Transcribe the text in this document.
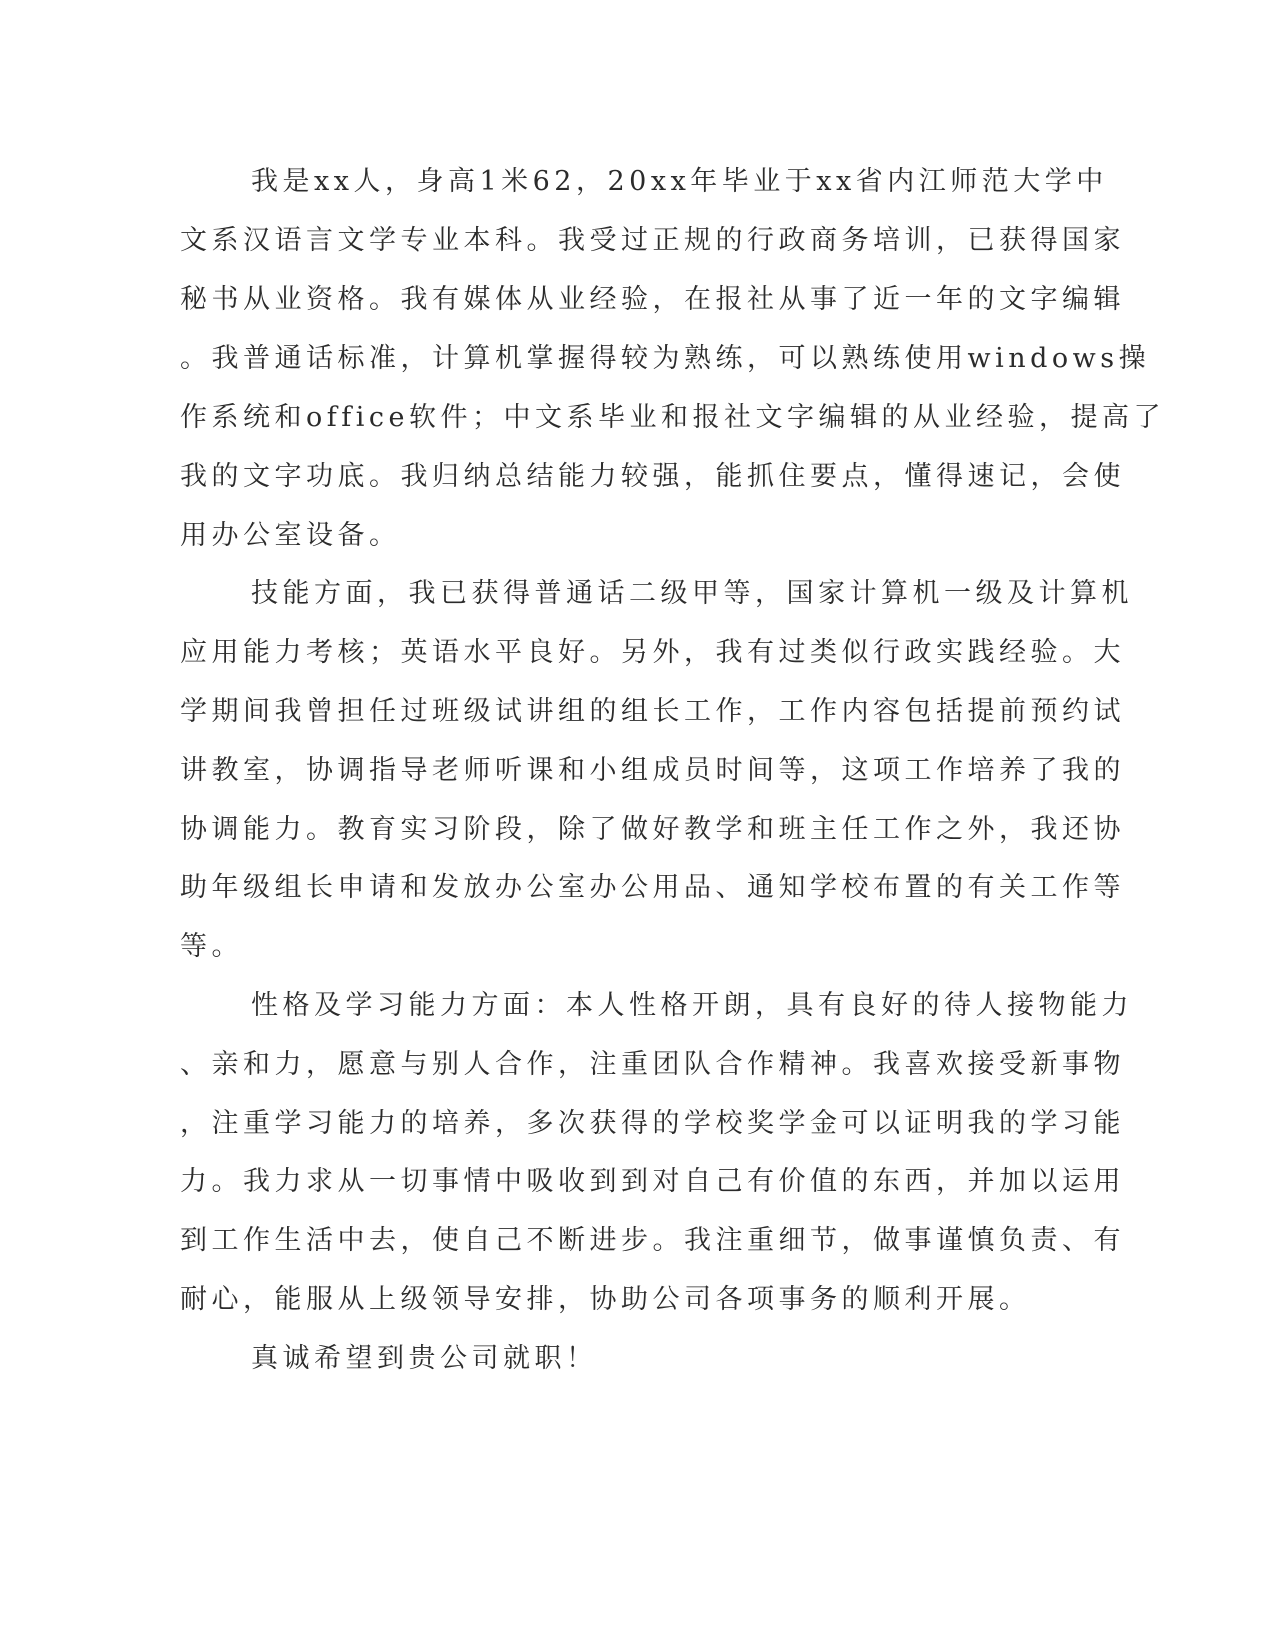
我是xx人，身高1米62，20xx年毕业于xx省内江师范大学中

文系汉语言文学专业本科。我受过正规的行政商务培训，已获得国家

秘书从业资格。我有媒体从业经验，在报社从事了近一年的文字编辑

。我普通话标准，计算机掌握得较为熟练，可以熟练使用windows操

作系统和office软件；中文系毕业和报社文字编辑的从业经验，提高了

我的文字功底。我归纳总结能力较强，能抓住要点，懂得速记，会使

用办公室设备。

技能方面，我已获得普通话二级甲等，国家计算机一级及计算机

应用能力考核；英语水平良好。另外，我有过类似行政实践经验。大

学期间我曾担任过班级试讲组的组长工作，工作内容包括提前预约试

讲教室，协调指导老师听课和小组成员时间等，这项工作培养了我的

协调能力。教育实习阶段，除了做好教学和班主任工作之外，我还协

助年级组长申请和发放办公室办公用品、通知学校布置的有关工作等

等。

性格及学习能力方面：本人性格开朗，具有良好的待人接物能力

、亲和力，愿意与别人合作，注重团队合作精神。我喜欢接受新事物

，注重学习能力的培养，多次获得的学校奖学金可以证明我的学习能

力。我力求从一切事情中吸收到到对自己有价值的东西，并加以运用

到工作生活中去，使自己不断进步。我注重细节，做事谨慎负责、有

耐心，能服从上级领导安排，协助公司各项事务的顺利开展。

真诚希望到贵公司就职！
